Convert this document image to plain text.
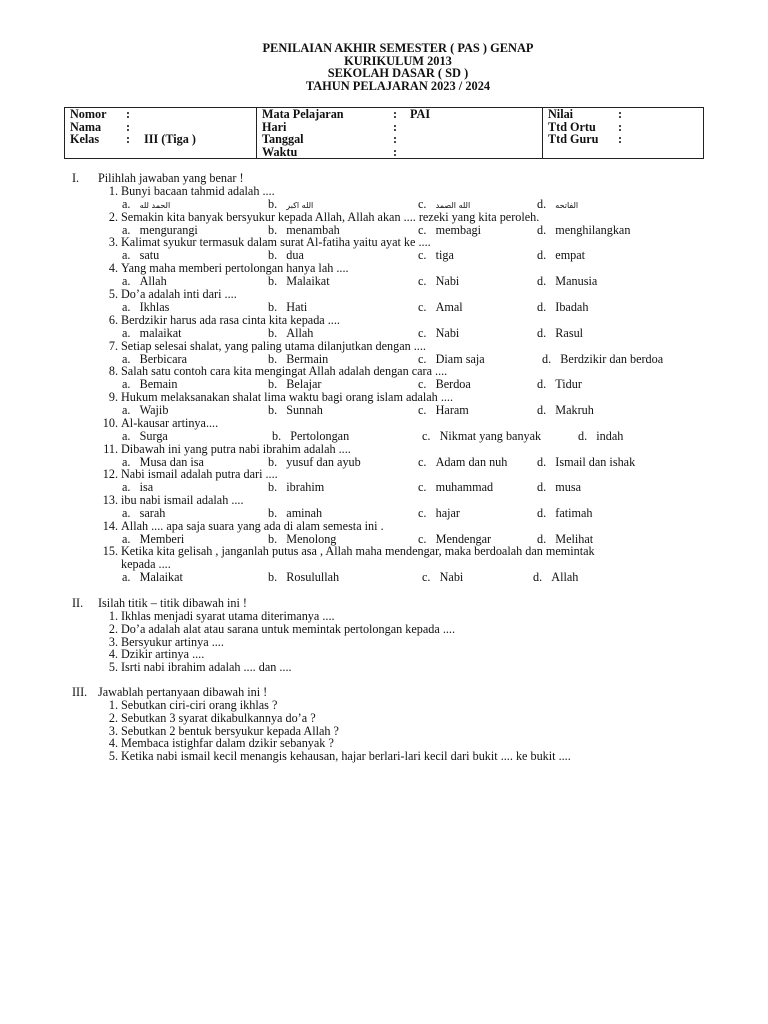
PENILAIAN AKHIR SEMESTER ( PAS ) GENAP
KURIKULUM 2013
SEKOLAH DASAR ( SD )
TAHUN PELAJARAN 2023 / 2024
Nomor	:
Nama	:
Kelas	:	III (Tiga )

Mata Pelajaran	:	PAI
Hari	:
Tanggal	:
Waktu	:

Nilai	:
Ttd Ortu	:
Ttd Guru	:
I. Pilihlah jawaban yang benar !
1. Bunyi bacaan tahmid adalah ....
a. الحمد لله	b. الله اكبر	c. الله الصمد	d. الفاتحه
2. Semakin kita banyak bersyukur kepada Allah, Allah akan .... rezeki yang kita peroleh.
a. mengurangi	b. menambah	c. membagi	d. menghilangkan
3. Kalimat syukur termasuk dalam surat Al-fatiha yaitu ayat ke ....
a. satu	b. dua	c. tiga	d. empat
4. Yang maha memberi pertolongan hanya lah ....
a. Allah	b. Malaikat	c. Nabi	d. Manusia
5. Do’a adalah inti dari ....
a. Ikhlas	b. Hati	c. Amal	d. Ibadah
6. Berdzikir harus ada rasa cinta kita kepada ....
a. malaikat	b. Allah	c. Nabi	d. Rasul
7. Setiap selesai shalat, yang paling utama dilanjutkan dengan ....
a. Berbicara	b. Bermain	c. Diam saja	d. Berdzikir dan berdoa
8. Salah satu contoh cara kita mengingat Allah adalah dengan cara ....
a. Bemain	b. Belajar	c. Berdoa	d. Tidur
9. Hukum melaksanakan shalat lima waktu bagi orang islam adalah ....
a. Wajib	b. Sunnah	c. Haram	d. Makruh
10. Al-kausar artinya....
a. Surga	b. Pertolongan	c. Nikmat yang banyak	d. indah
11. Dibawah ini yang putra nabi ibrahim adalah ....
a. Musa dan isa	b. yusuf dan ayub	c. Adam dan nuh d. Ismail dan ishak
12. Nabi ismail adalah putra dari ....
a. isa	b. ibrahim	c. muhammad	d. musa
13. ibu nabi ismail adalah ....
a. sarah	b. aminah	c. hajar	d. fatimah
14. Allah .... apa saja suara yang ada di alam semesta ini .
a. Memberi	b. Menolong	c. Mendengar	d. Melihat
15. Ketika kita gelisah , janganlah putus asa , Allah maha mendengar, maka berdoalah dan memintak
kepada ....
a. Malaikat	b. Rosulullah	c. Nabi	d. Allah
II. Isilah titik – titik dibawah ini !
1. Ikhlas menjadi syarat utama diterimanya ....
2. Do’a adalah alat atau sarana untuk memintak pertolongan kepada ....
3. Bersyukur artinya ....
4. Dzikir artinya ....
5. Isrti nabi ibrahim adalah .... dan ....
III. Jawablah pertanyaan dibawah ini !
1. Sebutkan ciri-ciri orang ikhlas ?
2. Sebutkan 3 syarat dikabulkannya do’a ?
3. Sebutkan 2 bentuk bersyukur kepada Allah ?
4. Membaca istighfar dalam dzikir sebanyak ?
5. Ketika nabi ismail kecil menangis kehausan, hajar berlari-lari kecil dari bukit .... ke bukit ....
